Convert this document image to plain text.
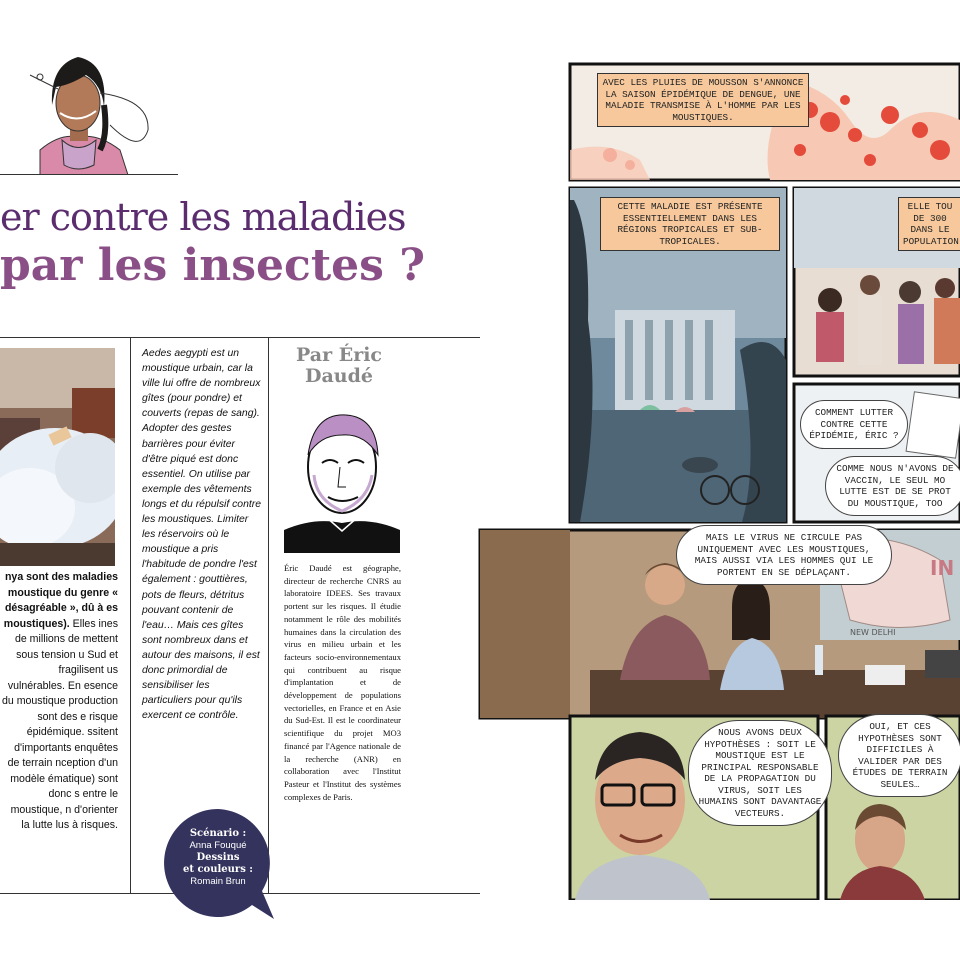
er contre les maladies
par les insectes ?
nya sont des maladies moustique du genre « désagréable », dû à es moustiques). Elles ines de millions de mettent sous tension u Sud et fragilisent us vulnérables. En esence du moustique production sont des e risque épidémique. ssitent d'importants enquêtes de terrain nception d'un modèle ématique) sont donc s entre le moustique, n d'orienter la lutte lus à risques.
Aedes aegypti est un moustique urbain, car la ville lui offre de nombreux gîtes (pour pondre) et couverts (repas de sang). Adopter des gestes barrières pour éviter d'être piqué est donc essentiel. On utilise par exemple des vêtements longs et du répulsif contre les moustiques. Limiter les réservoirs où le moustique a pris l'habitude de pondre l'est également : gouttières, pots de fleurs, détritus pouvant contenir de l'eau… Mais ces gîtes sont nombreux dans et autour des maisons, il est donc primordial de sensibiliser les particuliers pour qu'ils exercent ce contrôle.
Par Éric
Daudé
Éric Daudé est géographe, directeur de recherche CNRS au laboratoire IDEES. Ses travaux portent sur les risques. Il étudie notamment le rôle des mobilités humaines dans la circulation des virus en milieu urbain et les facteurs socio-environnementaux qui contribuent au risque d'implantation et de développement de populations vectorielles, en France et en Asie du Sud-Est. Il est le coordinateur scientifique du projet MO3 financé par l'Agence nationale de la recherche (ANR) en collaboration avec l'Institut Pasteur et l'Institut des systèmes complexes de Paris.
Scénario :
Anna Fouqué
Dessins
et couleurs :
Romain Brun
AVEC LES PLUIES DE MOUSSON S'ANNONCE LA SAISON ÉPIDÉMIQUE DE DENGUE, UNE MALADIE TRANSMISE À L'HOMME PAR LES MOUSTIQUES.
CETTE MALADIE EST PRÉSENTE ESSENTIELLEMENT DANS LES RÉGIONS TROPICALES ET SUB-TROPICALES.
ELLE TOU DE 300 DANS LE POPULATION
COMMENT LUTTER CONTRE CETTE ÉPIDÉMIE, ÉRIC ?
COMME NOUS N'AVONS DE VACCIN, LE SEUL MO LUTTE EST DE SE PROT DU MOUSTIQUE, TOO
MAIS LE VIRUS NE CIRCULE PAS UNIQUEMENT AVEC LES MOUSTIQUES, MAIS AUSSI VIA LES HOMMES QUI LE PORTENT EN SE DÉPLAÇANT.	IN
NEW DELHI
NOUS AVONS DEUX HYPOTHÈSES : SOIT LE MOUSTIQUE EST LE PRINCIPAL RESPONSABLE DE LA PROPAGATION DU VIRUS, SOIT LES HUMAINS SONT DAVANTAGE VECTEURS.
OUI, ET CES HYPOTHÈSES SONT DIFFICILES À VALIDER PAR DES ÉTUDES DE TERRAIN SEULES…
